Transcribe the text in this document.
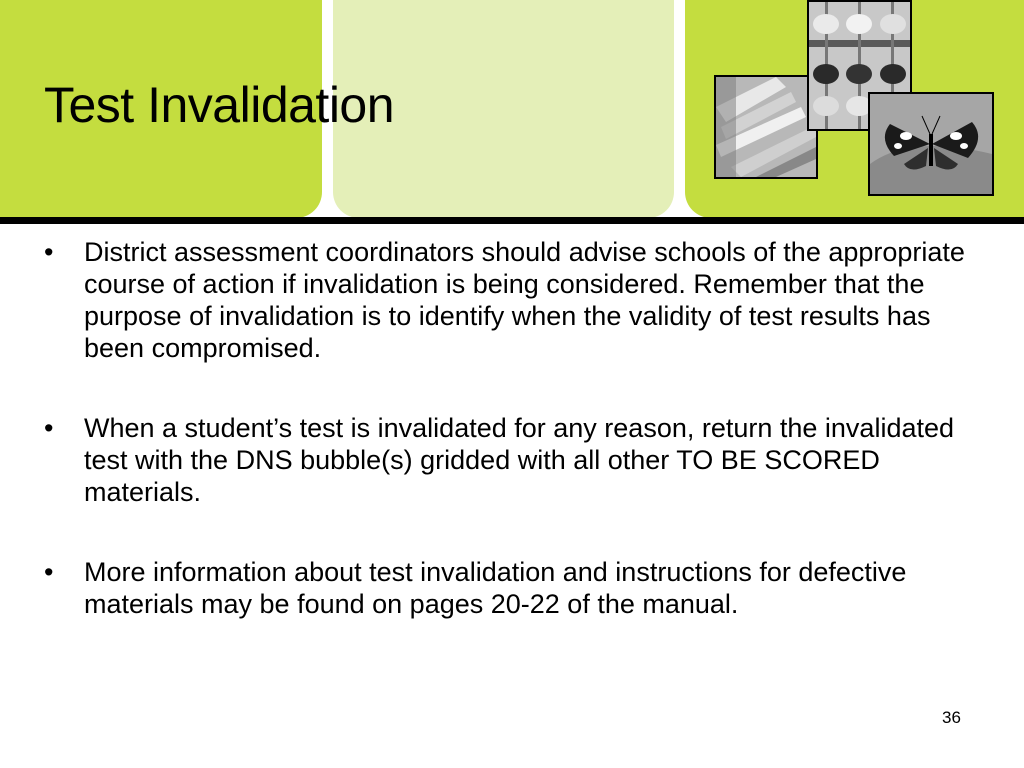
Test Invalidation
• District assessment coordinators should advise schools of the appropriate course of action if invalidation is being considered. Remember that the purpose of invalidation is to identify when the validity of test results has been compromised.
• When a student’s test is invalidated for any reason, return the invalidated test with the DNS bubble(s) gridded with all other TO BE SCORED materials.
• More information about test invalidation and instructions for defective materials may be found on pages 20-22 of the manual.
36
